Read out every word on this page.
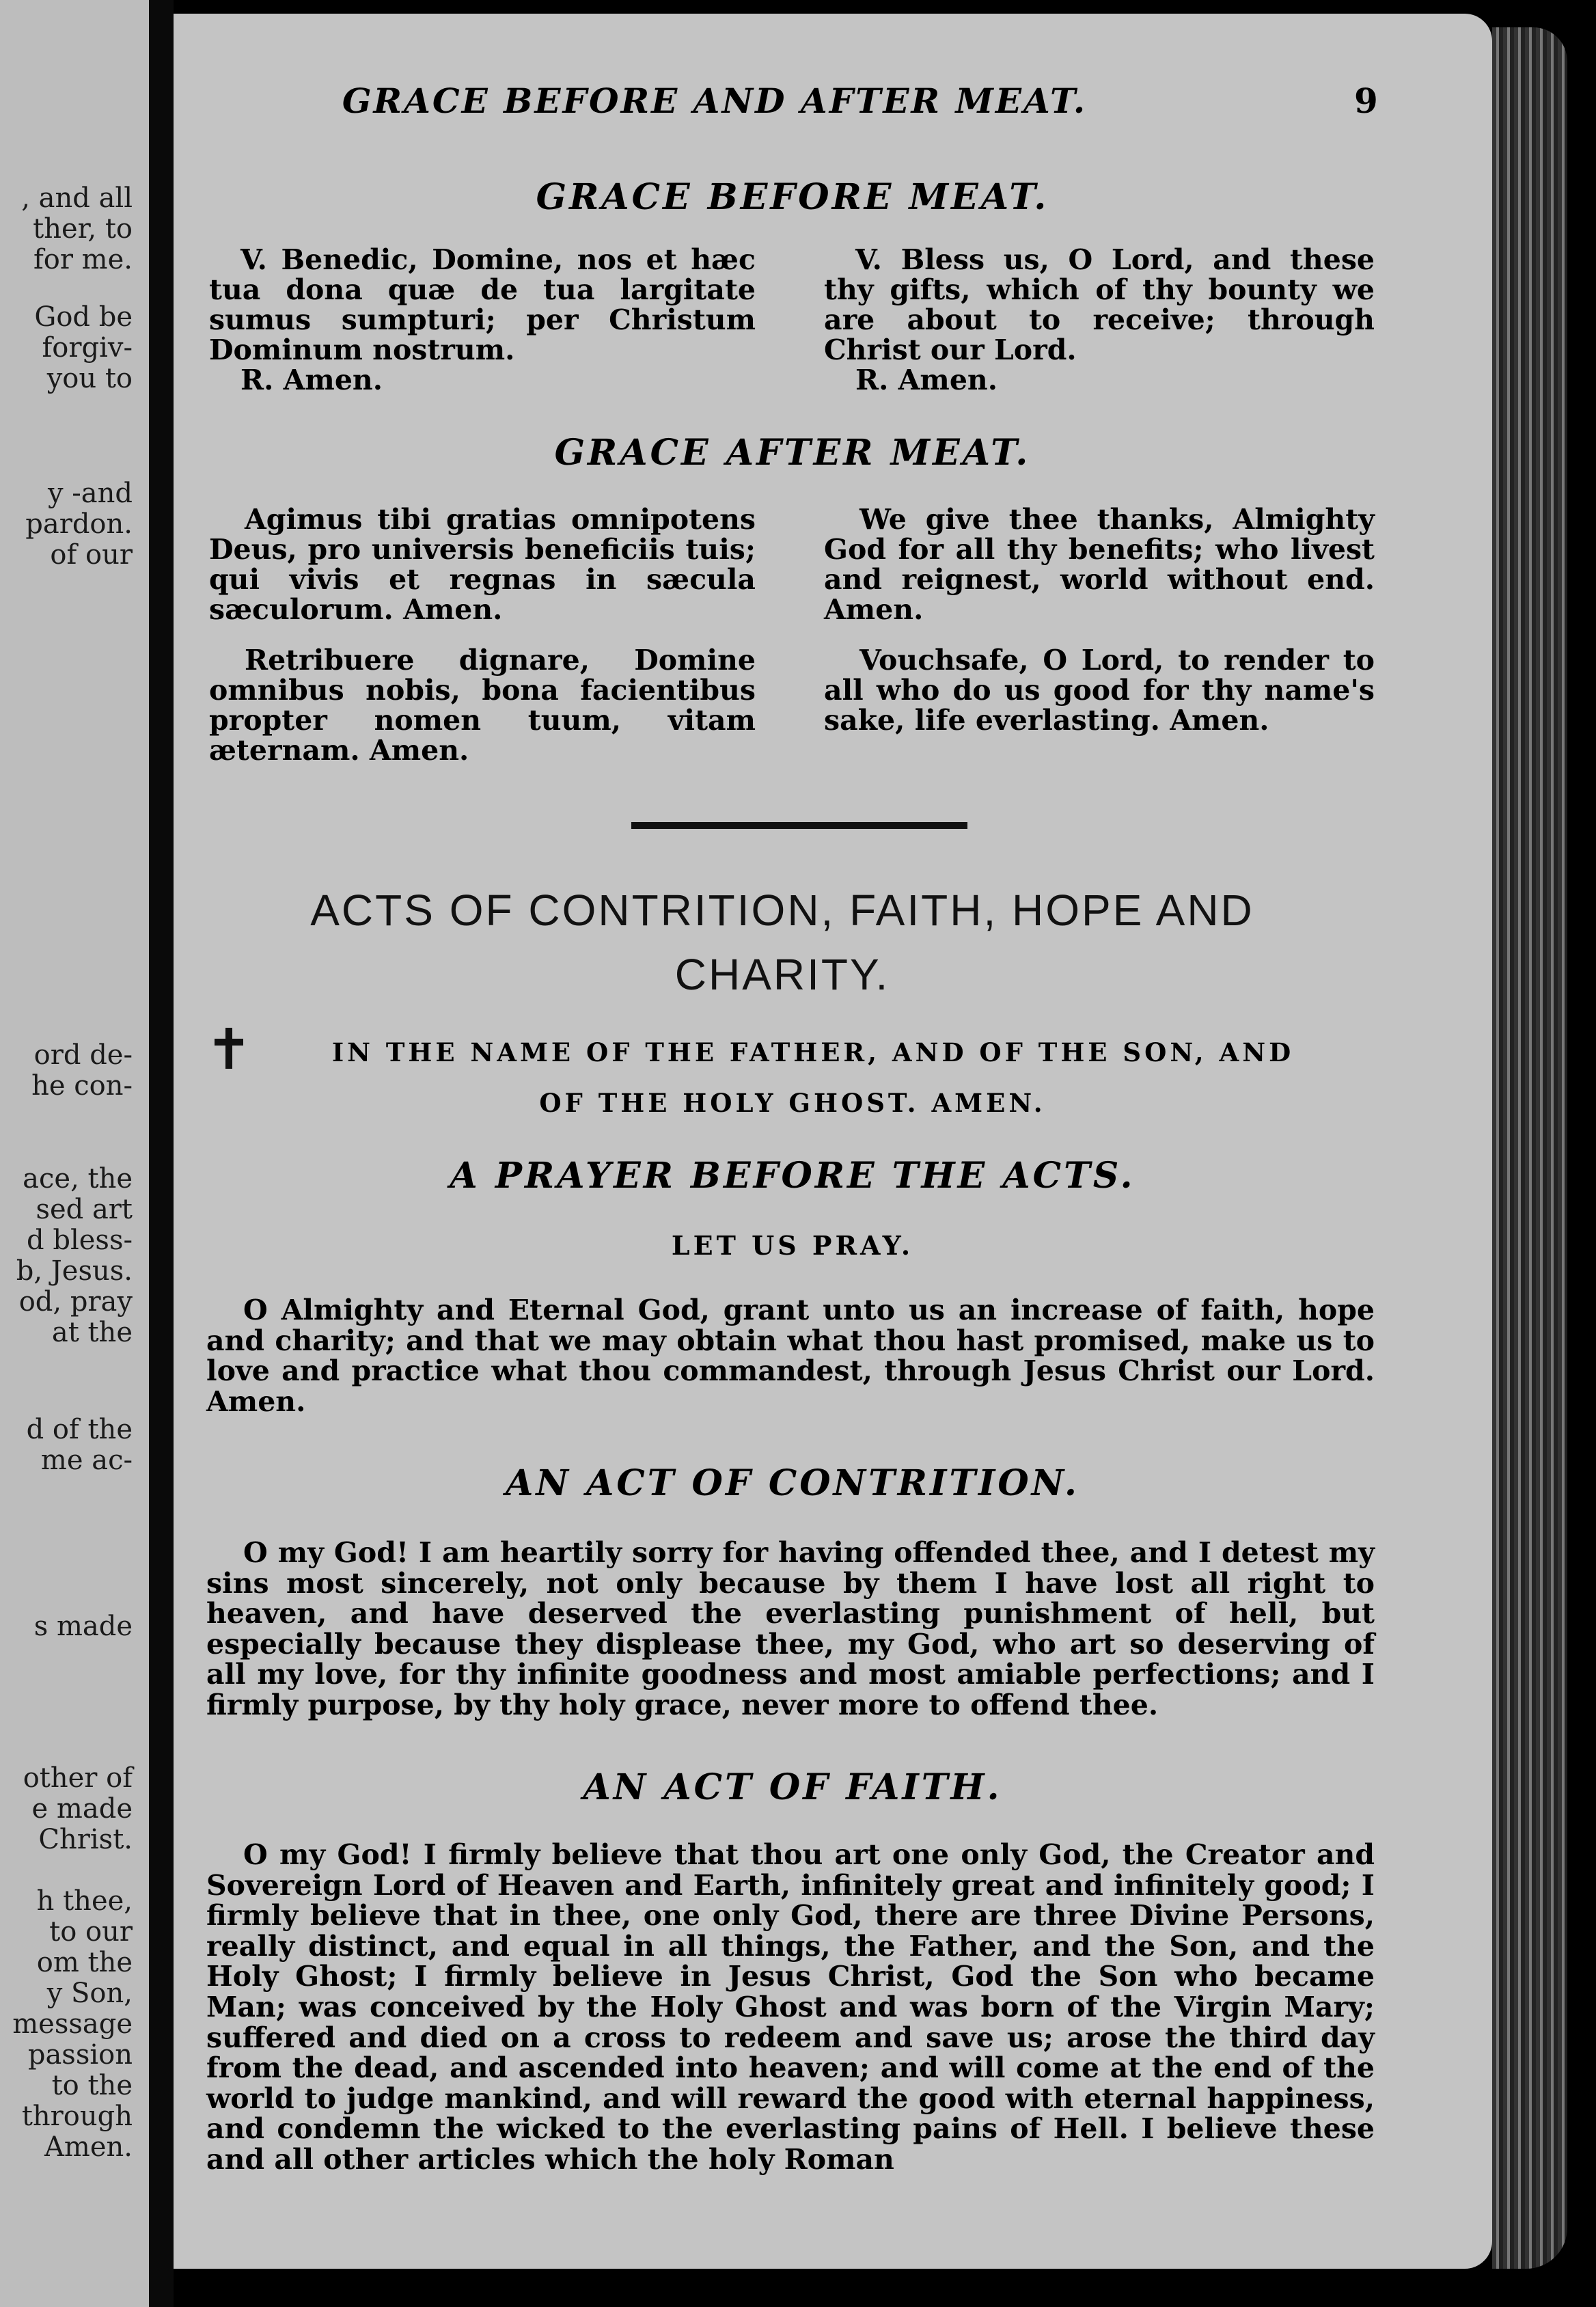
, and all
ther, to
for me.
God be
forgiv-
you to
y -and
pardon.
of our
ord de-
he con-
ace, the
sed art
d bless-
b, Jesus.
od, pray
at the
d of the
me ac-
s made
other of
e made
Christ.
h thee,
to our
om the
y Son,
message
passion
to the
through
Amen.
GRACE BEFORE AND AFTER MEAT.	9
GRACE BEFORE MEAT.

V. Benedic, Domine, nos et hæc tua dona quæ de tua largitate sumus sumpturi; per Christum Dominum nostrum.

R. Amen.

V. Bless us, O Lord, and these thy gifts, which of thy bounty we are about to receive; through Christ our Lord.

R. Amen.

GRACE AFTER MEAT.

Agimus tibi gratias omnipotens Deus, pro universis beneficiis tuis; qui vivis et regnas in sæcula sæculorum. Amen.

Retribuere dignare, Domine omnibus nobis, bona facientibus propter nomen tuum, vitam æternam. Amen.

We give thee thanks, Almighty God for all thy benefits; who livest and reignest, world without end. Amen.

Vouchsafe, O Lord, to render to all who do us good for thy name's sake, life everlasting. Amen.

ACTS OF CONTRITION, FAITH, HOPE AND
CHARITY.
IN THE NAME OF THE FATHER, AND OF THE SON, AND
OF THE HOLY GHOST. AMEN.
A PRAYER BEFORE THE ACTS.
LET US PRAY.
O Almighty and Eternal God, grant unto us an increase of faith, hope and charity; and that we may obtain what thou hast promised, make us to love and practice what thou commandest, through Jesus Christ our Lord. Amen.
AN ACT OF CONTRITION.
O my God! I am heartily sorry for having offended thee, and I detest my sins most sincerely, not only because by them I have lost all right to heaven, and have deserved the everlasting punishment of hell, but especially because they displease thee, my God, who art so deserving of all my love, for thy infinite goodness and most amiable perfections; and I firmly purpose, by thy holy grace, never more to offend thee.
AN ACT OF FAITH.
O my God! I firmly believe that thou art one only God, the Creator and Sovereign Lord of Heaven and Earth, infinitely great and infinitely good; I firmly believe that in thee, one only God, there are three Divine Persons, really distinct, and equal in all things, the Father, and the Son, and the Holy Ghost; I firmly believe in Jesus Christ, God the Son who became Man; was conceived by the Holy Ghost and was born of the Virgin Mary; suffered and died on a cross to redeem and save us; arose the third day from the dead, and ascended into heaven; and will come at the end of the world to judge mankind, and will reward the good with eternal happiness, and condemn the wicked to the everlasting pains of Hell. I believe these and all other articles which the holy Roman
